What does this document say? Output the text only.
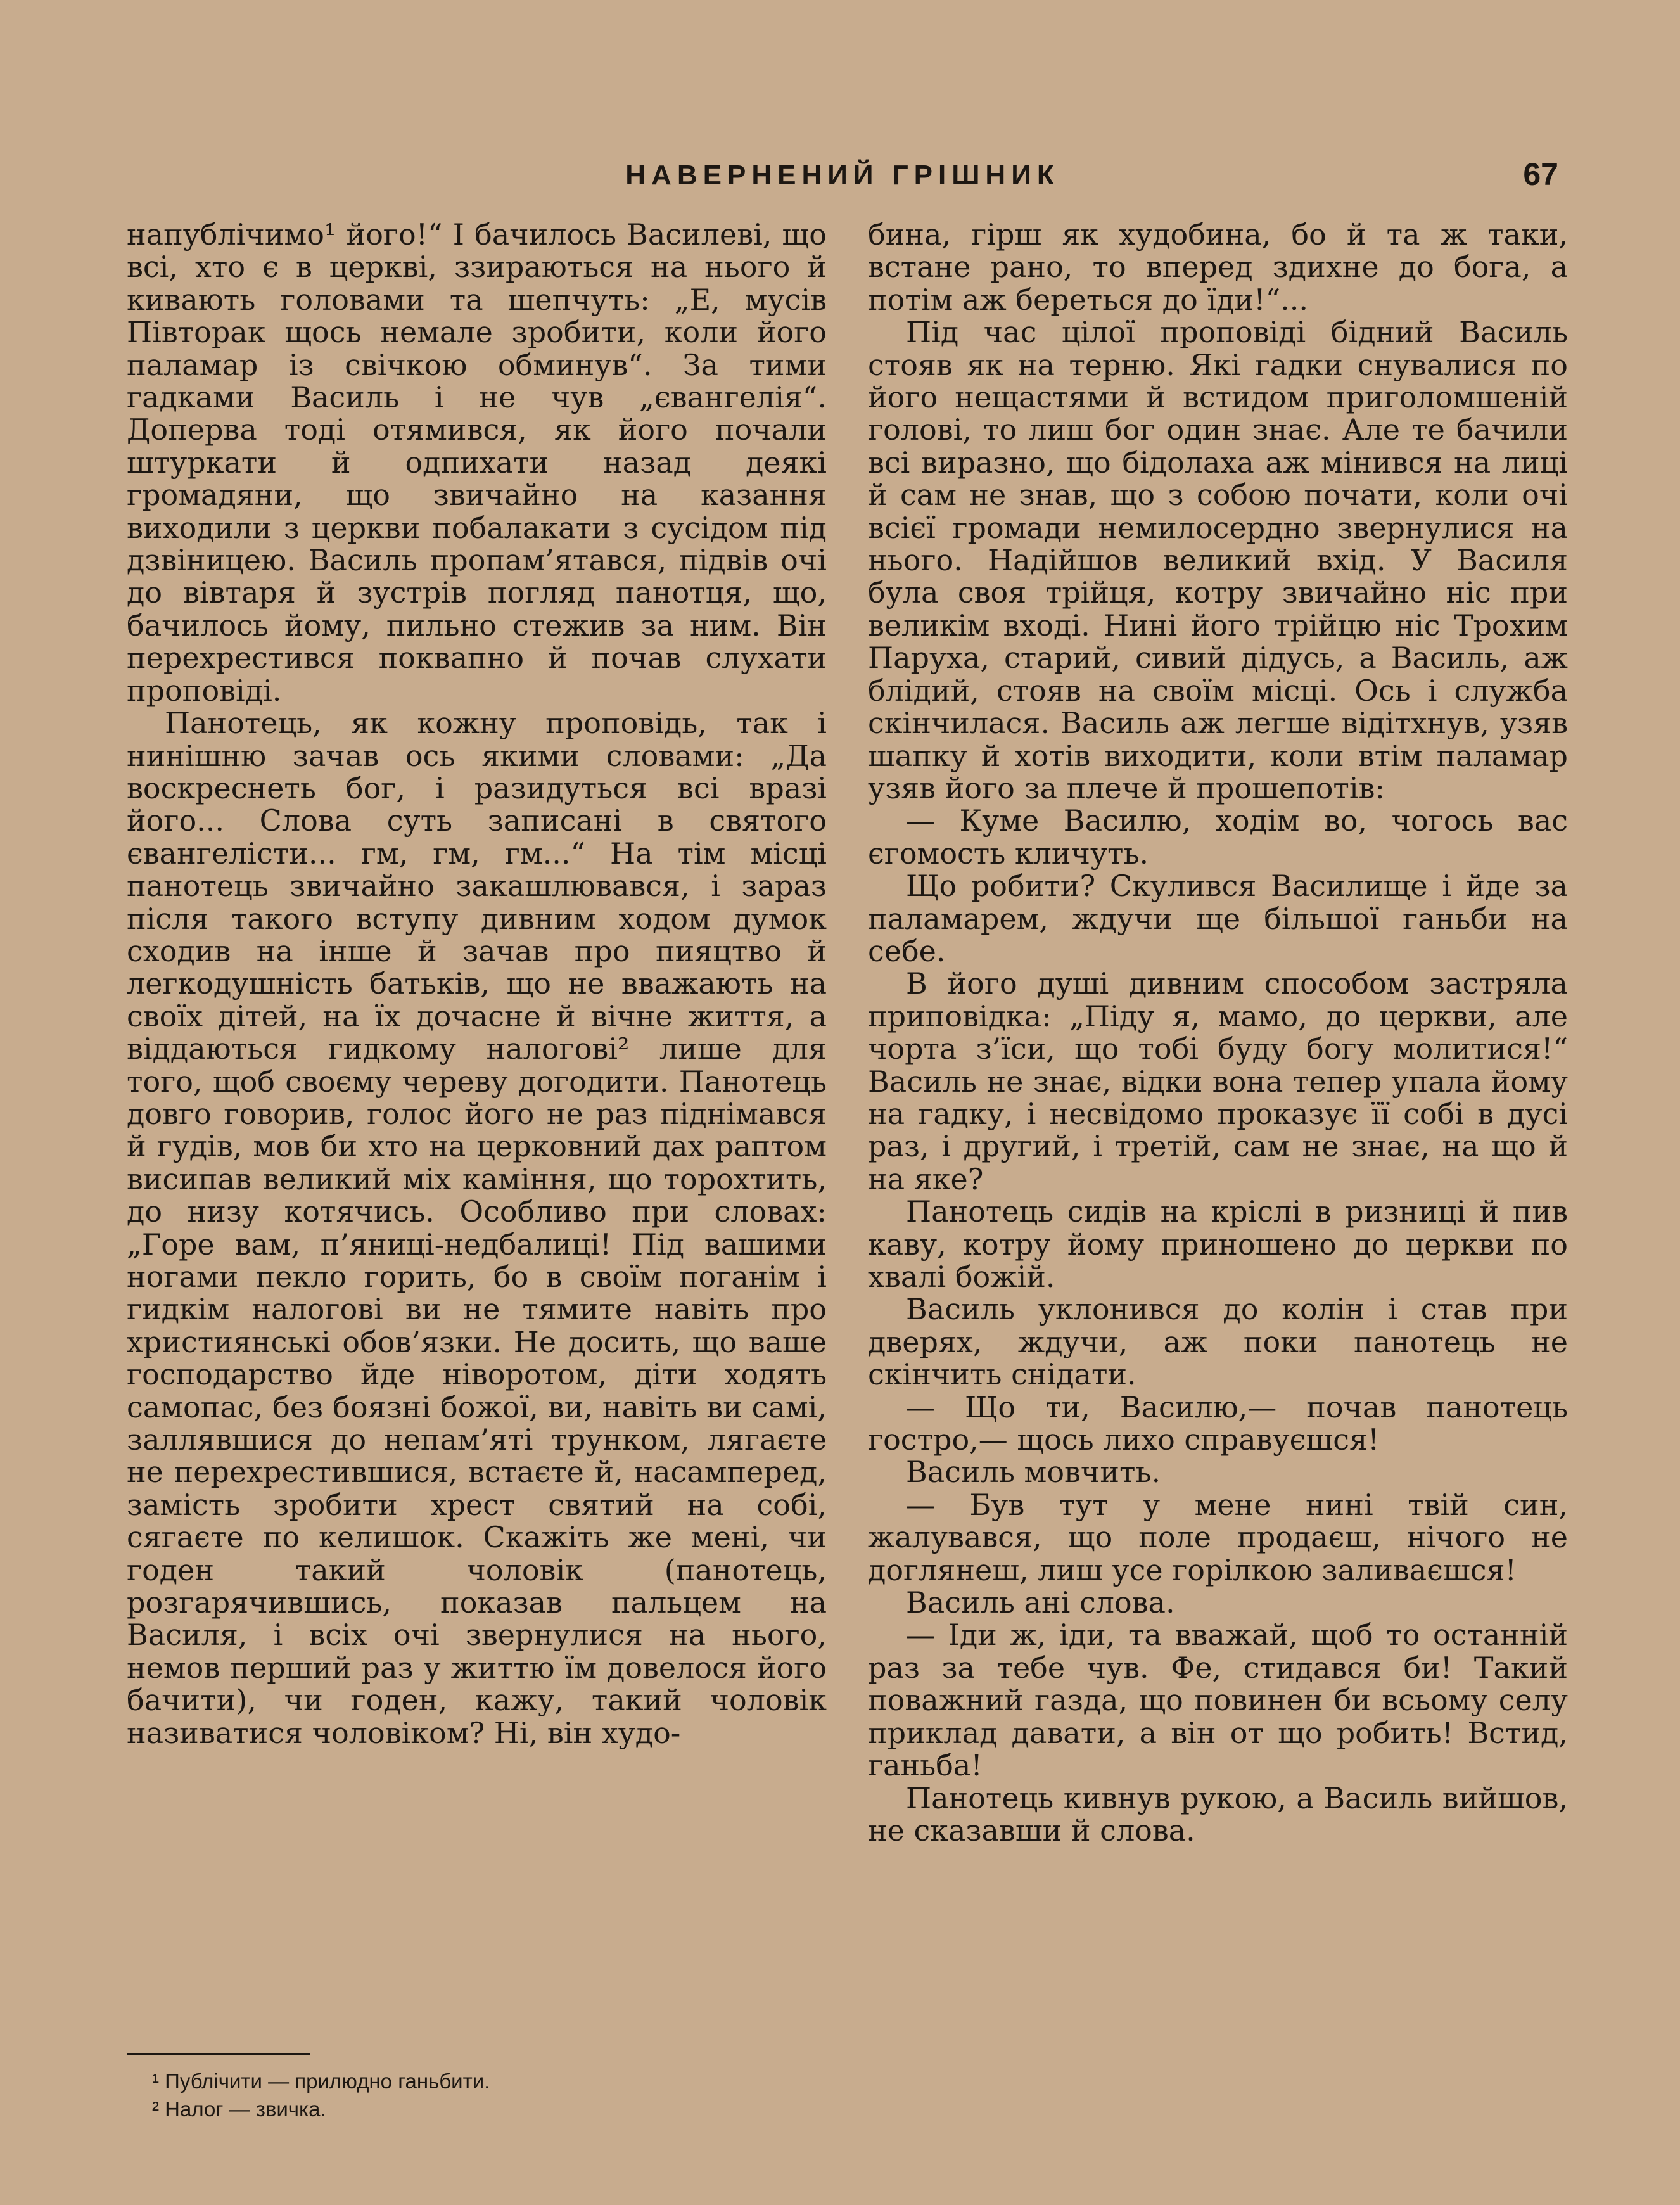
НАВЕРНЕНИЙ ГРІШНИК	67

напублічимо¹ його!“ І бачилось Василеві, що всі, хто є в церкві, ззираються на нього й кивають головами та шепчуть: „Е, мусів Півторак щось немале зробити, коли його паламар із свічкою обминув“. За тими гадками Василь і не чув „євангелія“. Доперва тоді отямився, як його почали штуркати й одпихати назад деякі громадяни, що звичайно на казання виходили з церкви побалакати з сусідом під дзвіницею. Василь пропам’ятався, підвів очі до вівтаря й зустрів погляд панотця, що, бачилось йому, пильно стежив за ним. Він перехрестився поквапно й почав слухати проповіді.

Панотець, як кожну проповідь, так і нинішню зачав ось якими словами: „Да воскреснеть бог, і разидуться всі вразі його... Слова суть записані в святого євангелісти... гм, гм, гм...“ На тім місці панотець звичайно закашлювався, і зараз після такого вступу дивним ходом думок сходив на інше й зачав про пияцтво й легкодушність батьків, що не вважають на своїх дітей, на їх дочасне й вічне життя, а віддаються гидкому налогові² лише для того, щоб своєму череву догодити. Панотець довго говорив, голос його не раз піднімався й гудів, мов би хто на церковний дах раптом висипав великий міх каміння, що торохтить, до низу котячись. Особливо при словах: „Горе вам, п’яниці-недбалиці! Під вашими ногами пекло горить, бо в своїм поганім і гидкім налогові ви не тямите навіть про християнські обов’язки. Не досить, що ваше господарство йде ніворотом, діти ходять самопас, без боязні божої, ви, навіть ви самі, заллявшися до непам’яті трунком, лягаєте не перехрестившися, встаєте й, насамперед, замість зробити хрест святий на собі, сягаєте по келишок. Скажіть же мені, чи годен такий чоловік (панотець, розгарячившись, показав пальцем на Василя, і всіх очі звернулися на нього, немов перший раз у життю їм довелося його бачити), чи годен, кажу, такий чоловік називатися чоловіком? Ні, він худо-

бина, гірш як худобина, бо й та ж таки, встане рано, то вперед здихне до бога, а потім аж береться до їди!“...

Під час цілої проповіді бідний Василь стояв як на терню. Які гадки снувалися по його нещастями й встидом приголомшеній голові, то лиш бог один знає. Але те бачили всі виразно, що бідолаха аж мінився на лиці й сам не знав, що з собою почати, коли очі всієї громади немилосердно звернулися на нього. Надійшов великий вхід. У Василя була своя трійця, котру звичайно ніс при великім вході. Нині його трійцю ніс Трохим Паруха, старий, сивий дідусь, а Василь, аж блідий, стояв на своїм місці. Ось і служба скінчилася. Василь аж легше відітхнув, узяв шапку й хотів виходити, коли втім паламар узяв його за плече й прошепотів:

— Куме Василю, ходім во, чогось вас єгомость кличуть.

Що робити? Скулився Василище і йде за паламарем, ждучи ще більшої ганьби на себе.

В його душі дивним способом застряла приповідка: „Піду я, мамо, до церкви, але чорта з’їси, що тобі буду богу молитися!“ Василь не знає, відки вона тепер упала йому на гадку, і несвідомо проказує її собі в дусі раз, і другий, і третій, сам не знає, на що й на яке?

Панотець сидів на кріслі в ризниці й пив каву, котру йому приношено до церкви по хвалі божій.

Василь уклонився до колін і став при дверях, ждучи, аж поки панотець не скінчить снідати.

— Що ти, Василю,— почав панотець гостро,— щось лихо справуєшся!

Василь мовчить.

— Був тут у мене нині твій син, жалувався, що поле продаєш, нічого не доглянеш, лиш усе горілкою заливаєшся!

Василь ані слова.

— Іди ж, іди, та вважай, щоб то останній раз за тебе чув. Фе, стидався би! Такий поважний газда, що повинен би всьому селу приклад давати, а він от що робить! Встид, ганьба!

Панотець кивнув рукою, а Василь вийшов, не сказавши й слова.

¹ Публічити — прилюдно ганьбити.
² Налог — звичка.
